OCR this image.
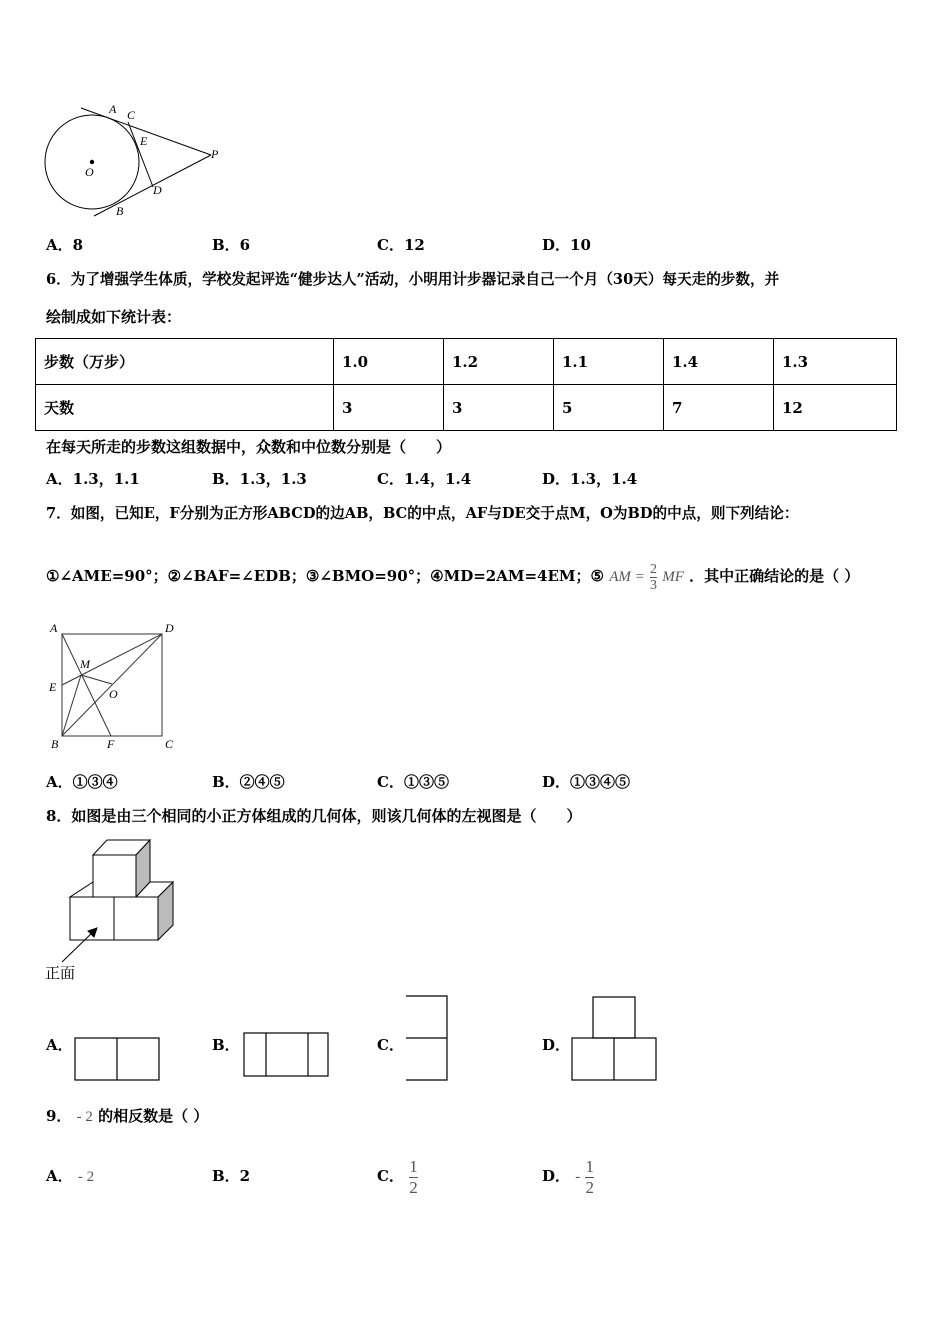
A C
E
P
D
B
O
A．8	B．6	C．12	D．10
6．为了增强学生体质，学校发起评选“健步达人”活动，小明用计步器记录自己一个月（30天）每天走的步数，并
绘制成如下统计表：
步数（万步）	1.0	1.2	1.1	1.4	1.3
天数	3	3	5	7	12
在每天所走的步数这组数据中，众数和中位数分别是（　　）
A．1.3，1.1	B．1.3，1.3	C．1.4，1.4	D．1.3，1.4
7．如图，已知E，F分别为正方形ABCD的边AB，BC的中点，AF与DE交于点M，O为BD的中点，则下列结论：
①∠AME=90°；②∠BAF=∠EDB；③∠BMO=90°；④MD=2AM=4EM；⑤ AM = $\frac{2}{3}$ MF ．其中正确结论的是（ ）
A	D
M
E	O
B	F	C
A．①③④	B．②④⑤	C．①③⑤	D．①③④⑤
8．如图是由三个相同的小正方体组成的几何体，则该几何体的左视图是（　　）
正面
A．	B．	C．	D．
9． - 2 的相反数是（ ）
A． - 2	B．2	C． $\frac{1}{2}$	D． - $\frac{1}{2}$
